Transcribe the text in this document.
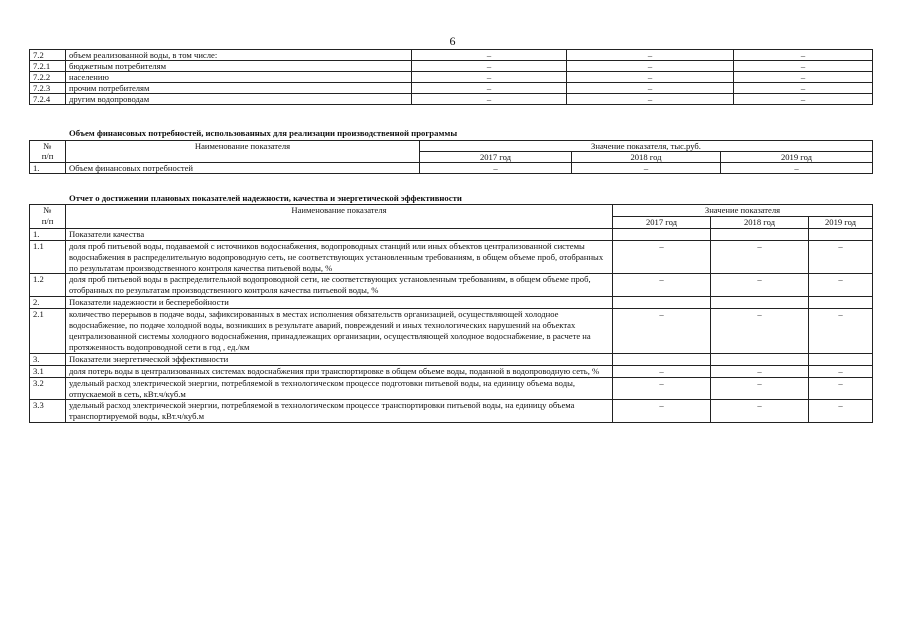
6
7.2	объем реализованной воды, в том числе:	–	–	–
7.2.1	бюджетным потребителям	–	–	–
7.2.2	населению	–	–	–
7.2.3	прочим потребителям	–	–	–
7.2.4	другим водопроводам	–	–	–
Объем финансовых потребностей, использованных для реализации производственной программы
№
п/п	Наименование показателя	Значение показателя, тыс.руб.		
		2017 год	2018 год	2019 год
1.	Объем финансовых потребностей	–	–	–
Отчет о достижении плановых показателей надежности, качества и энергетической эффективности
№
п/п	Наименование показателя	Значение показателя		
		2017 год	2018 год	2019 год
1.	Показатели качества			
1.1	доля проб питьевой воды, подаваемой с источников водоснабжения, водопроводных станций или иных объектов централизованной системы водоснабжения в распределительную водопроводную сеть, не соответствующих установленным требованиям, в общем объеме проб, отобранных по результатам производственного контроля качества питьевой воды, %	–	–	–
1.2	доля проб питьевой воды в распределительной водопроводной сети, не соответствующих установленным требованиям, в общем объеме проб, отобранных по результатам производственного контроля качества питьевой воды, %	–	–	–
2.	Показатели надежности и бесперебойности			
2.1	количество перерывов в подаче воды, зафиксированных в местах исполнения обязательств организацией, осуществляющей холодное водоснабжение, по подаче холодной воды, возникших в результате аварий, повреждений и иных технологических нарушений на объектах централизованной системы холодного водоснабжения, принадлежащих организации, осуществляющей холодное водоснабжение, в расчете на протяженность водопроводной сети в год , ед./км	–	–	–
3.	Показатели энергетической эффективности			
3.1	доля потерь воды в централизованных системах водоснабжения при транспортировке в общем объеме воды, поданной в водопроводную сеть, %	–	–	–
3.2	удельный расход электрической энергии, потребляемой в технологическом процессе подготовки питьевой воды, на единицу объема воды, отпускаемой в сеть, кВт.ч/куб.м	–	–	–
3.3	удельный расход электрической энергии, потребляемой в технологическом процессе транспортировки питьевой воды, на единицу объема транспортируемой воды, кВт.ч/куб.м	–	–	–
